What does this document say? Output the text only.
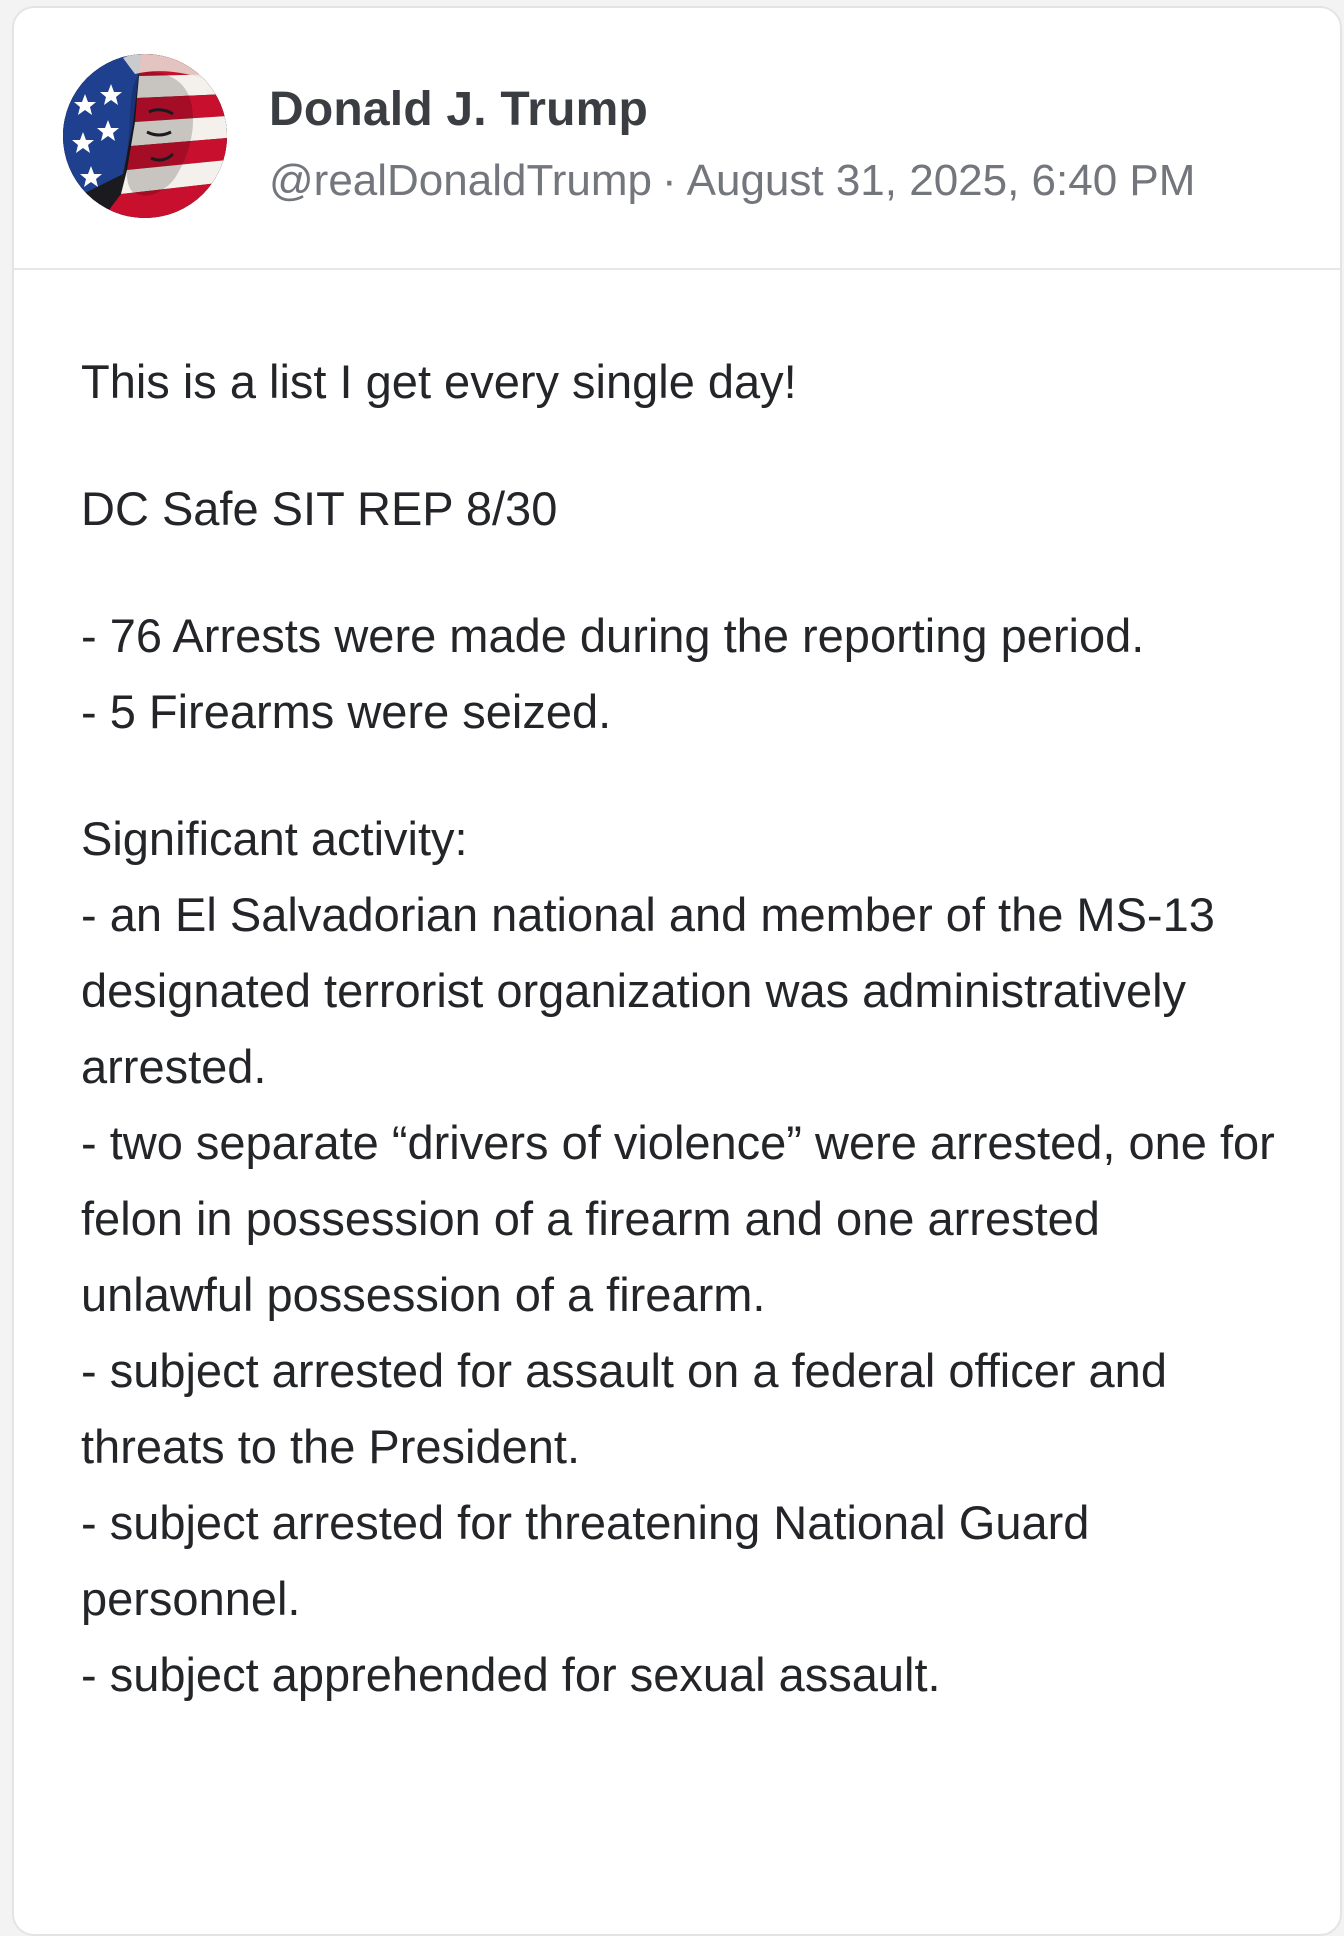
Donald J. Trump
@realDonaldTrump · August 31, 2025, 6:40 PM

This is a list I get every single day!

DC Safe SIT REP 8/30

- 76 Arrests were made during the reporting period.
- 5 Firearms were seized.

Significant activity:
- an El Salvadorian national and member of the MS-13 designated terrorist organization was administratively arrested.
- two separate “drivers of violence” were arrested, one for felon in possession of a firearm and one arrested unlawful possession of a firearm.
- subject arrested for assault on a federal officer and threats to the President.
- subject arrested for threatening National Guard personnel.
- subject apprehended for sexual assault.
